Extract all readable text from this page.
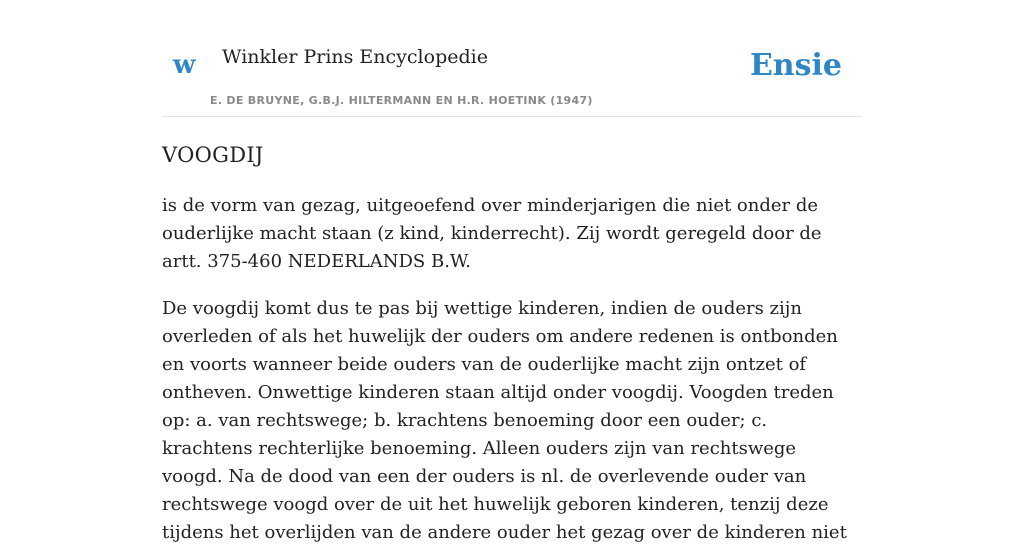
w Winkler Prins Encyclopedie
E. DE BRUYNE, G.B.J. HILTERMANN EN H.R. HOETINK (1947)
Ensie
VOOGDIJ

is de vorm van gezag, uitgeoefend over minderjarigen die niet onder de ouderlijke macht staan (z kind, kinderrecht). Zij wordt geregeld door de artt. 375-460 NEDERLANDS B.W.

De voogdij komt dus te pas bij wettige kinderen, indien de ouders zijn overleden of als het huwelijk der ouders om andere redenen is ontbonden en voorts wanneer beide ouders van de ouderlijke macht zijn ontzet of ontheven. Onwettige kinderen staan altijd onder voogdij. Voogden treden op: a. van rechtswege; b. krachtens benoeming door een ouder; c. krachtens rechterlijke benoeming. Alleen ouders zijn van rechtswege voogd. Na de dood van een der ouders is nl. de overlevende ouder van rechtswege voogd over de uit het huwelijk geboren kinderen, tenzij deze tijdens het overlijden van de andere ouder het gezag over de kinderen niet
